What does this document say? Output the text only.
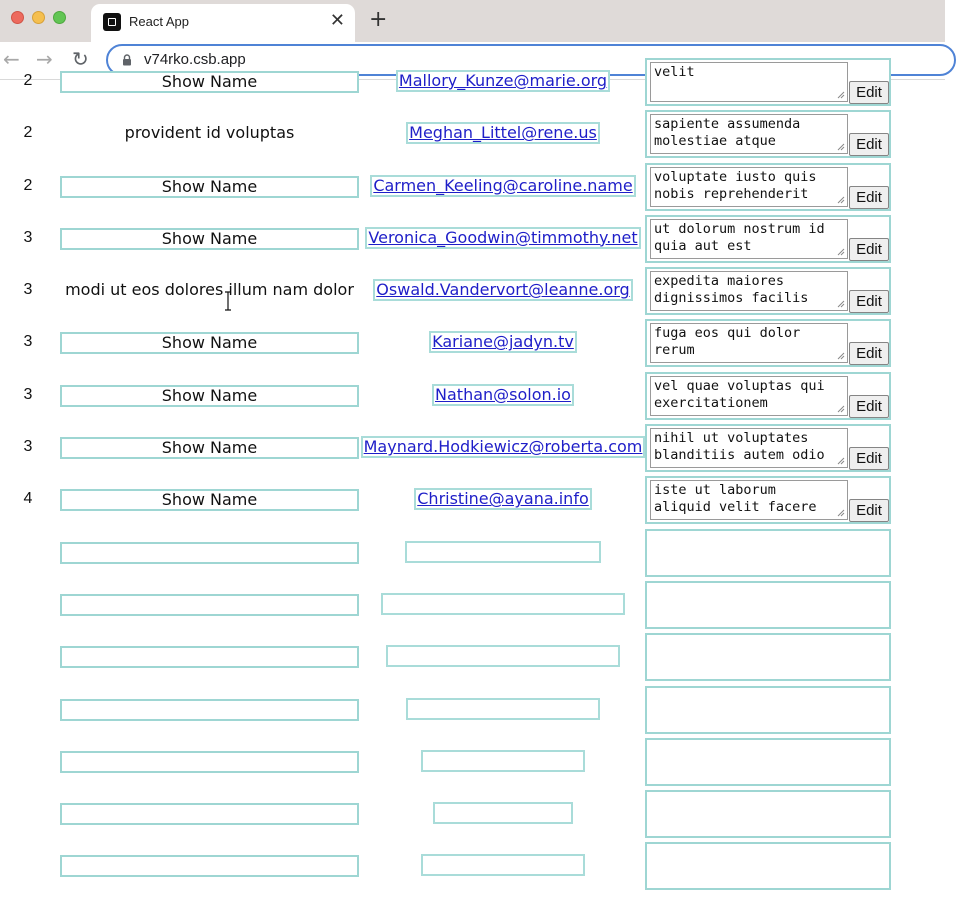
React App	✕ +
← → ↻	v74rko.csb.app
2	Show Name	Mallory_Kunze@marie.org	velit
Edit
2	provident id voluptas	Meghan_Littel@rene.us	sapiente assumenda
molestiae atque	Edit
2	Show Name	Carmen_Keeling@caroline.name voluptate iusto quis
nobis reprehenderit	Edit
3	Show Name	Veronica_Goodwin@timmothy.net ut dolorum nostrum id
quia aut est	Edit
3	modi ut eos dolores illum nam dolor	Oswald.Vandervort@leanne.org expedita maiores
dignissimos facilis	Edit
3	Show Name	Kariane@jadyn.tv	fuga eos qui dolor
rerum	Edit
3	Show Name	Nathan@solon.io	vel quae voluptas qui
exercitationem	Edit
3	Show Name	Maynard.Hodkiewicz@roberta.com nihil ut voluptates
blanditiis autem odio	Edit
4	Show Name	Christine@ayana.info	iste ut laborum
aliquid velit facere	Edit
